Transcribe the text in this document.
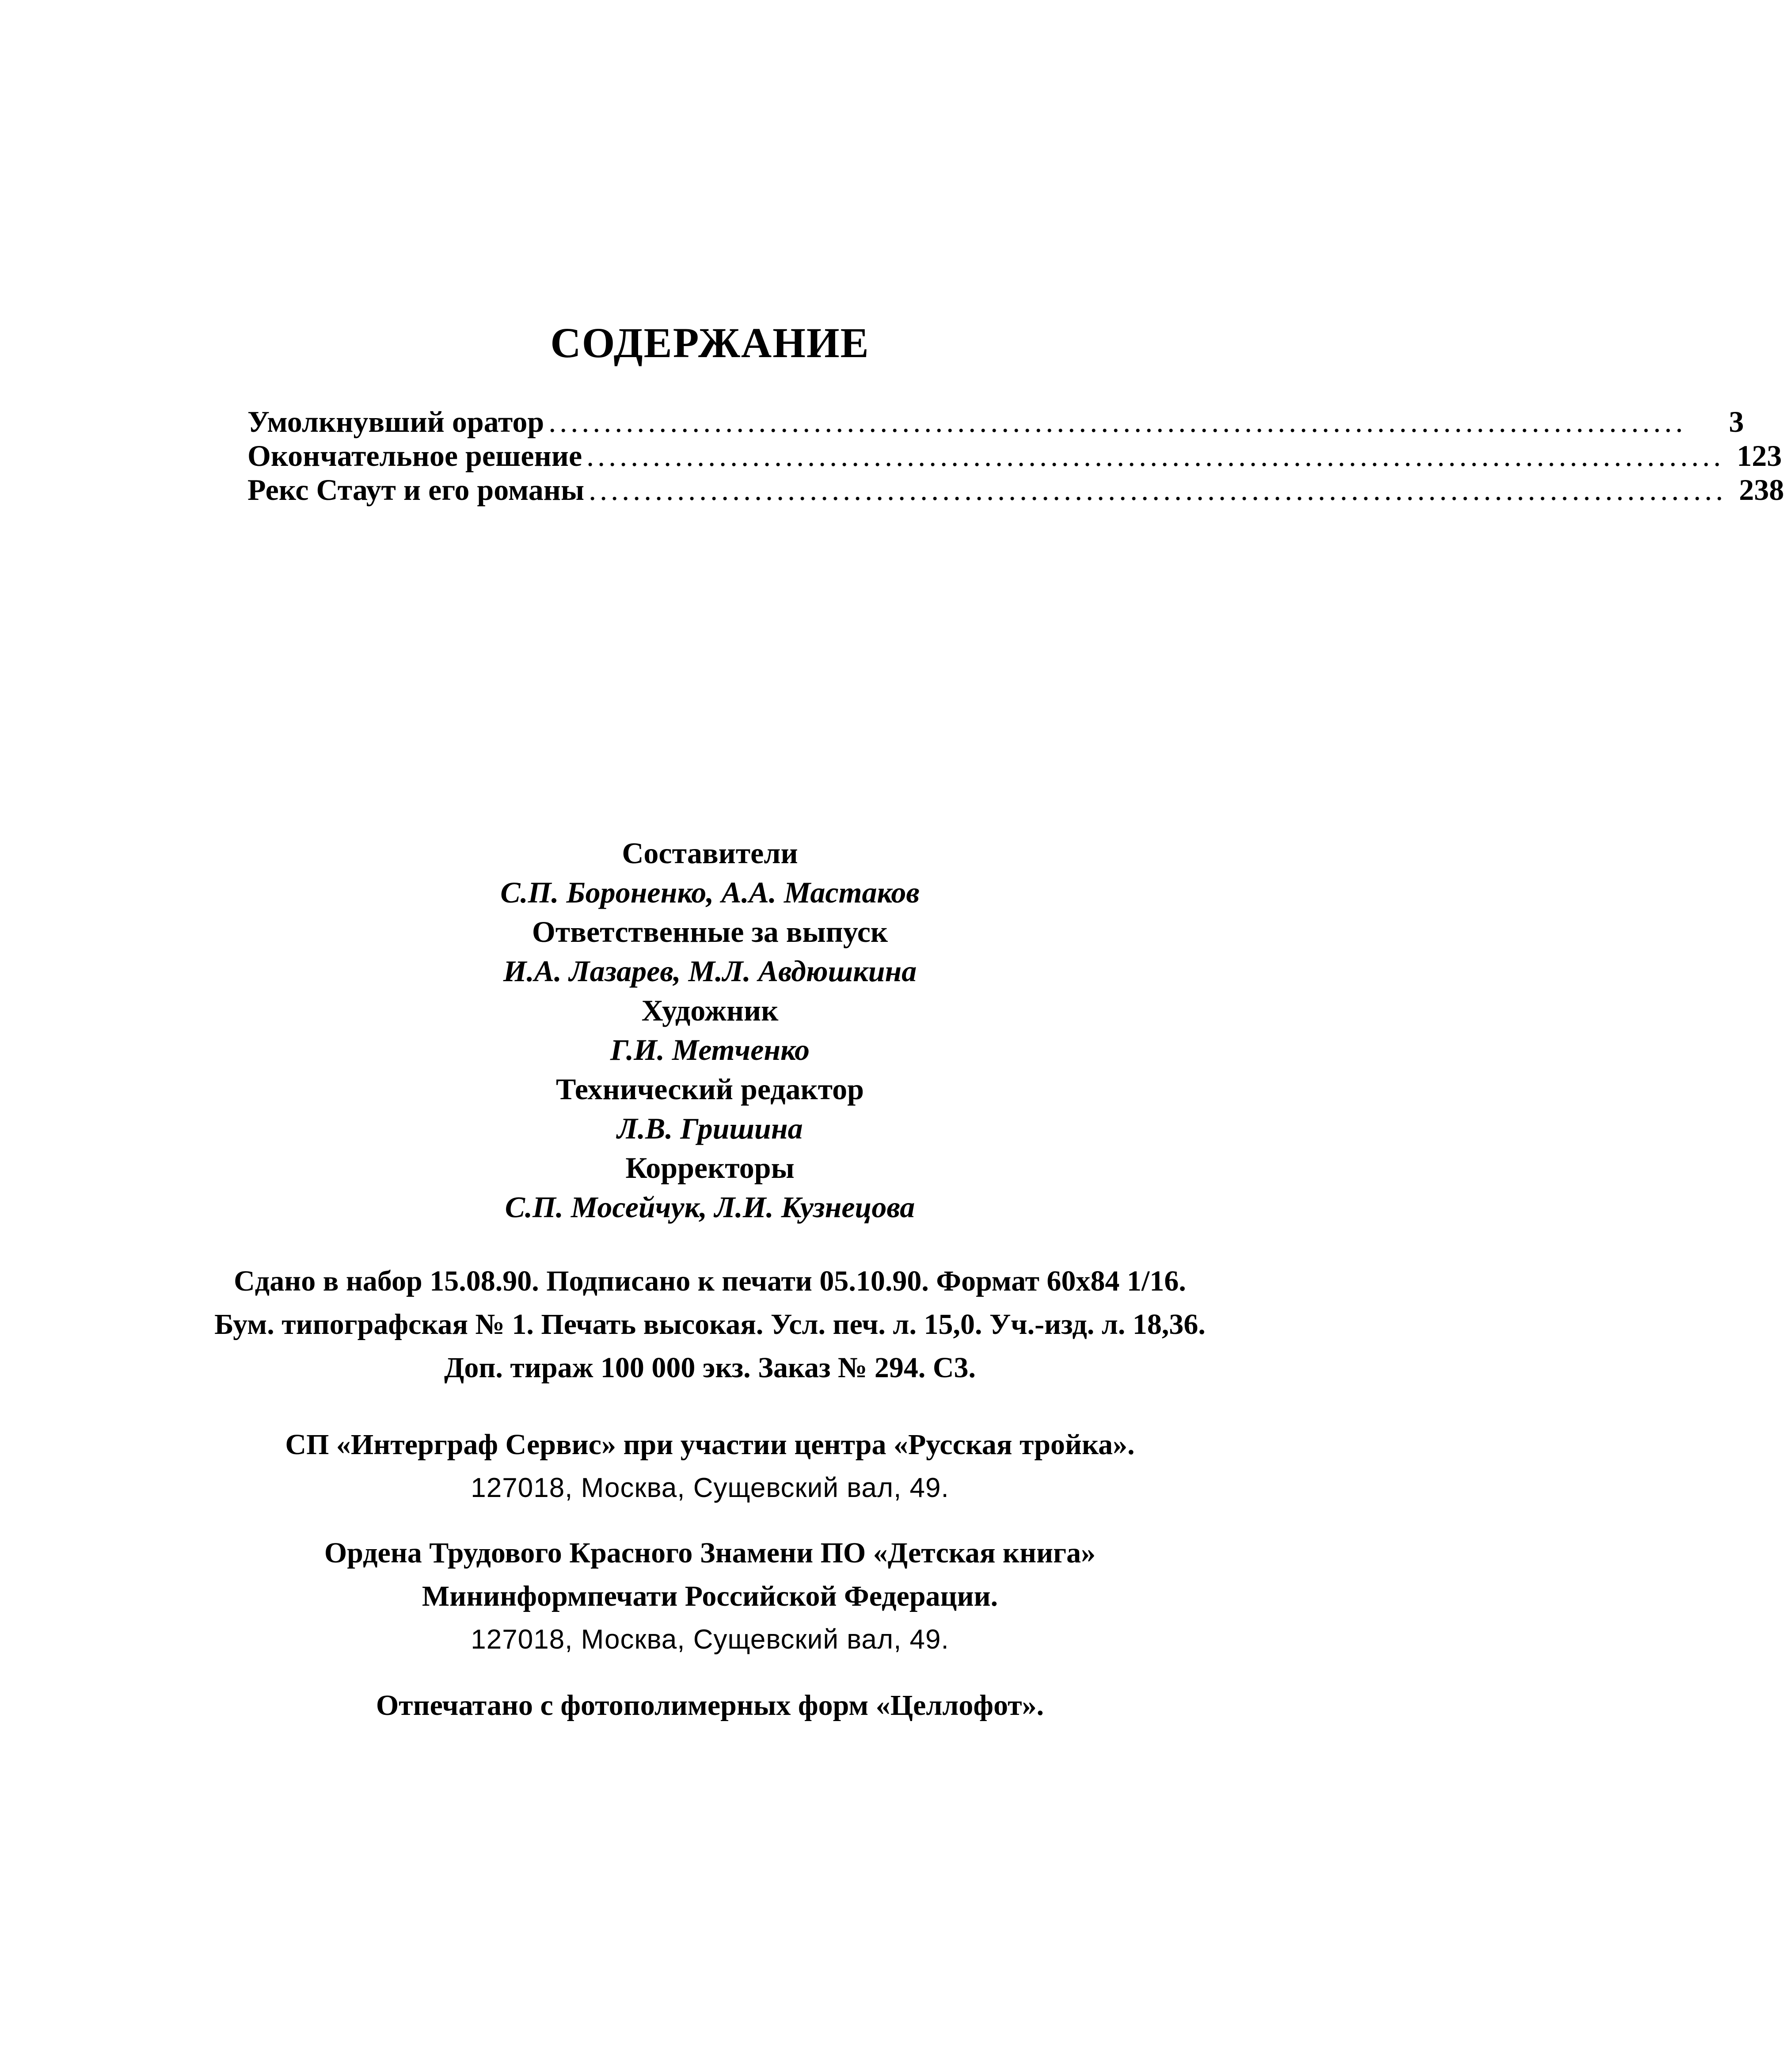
СОДЕРЖАНИЕ
Умолкнувший оратор .......................................................................................................	3
Окончательное решение ....................................................................................................... 123
Рекс Стаут и его романы ....................................................................................................... 238
Составители
С.П. Бороненко, А.А. Мастаков
Ответственные за выпуск
И.А. Лазарев, М.Л. Авдюшкина
Художник
Г.И. Метченко
Технический редактор
Л.В. Гришина
Корректоры
С.П. Мосейчук, Л.И. Кузнецова
Сдано в набор 15.08.90. Подписано к печати 05.10.90. Формат 60х84 1/16.
Бум. типографская № 1. Печать высокая. Усл. печ. л. 15,0. Уч.-изд. л. 18,36.
Доп. тираж 100 000 экз. Заказ № 294. С3.
СП «Интерграф Сервис» при участии центра «Русская тройка».
127018, Москва, Сущевский вал, 49.
Ордена Трудового Красного Знамени ПО «Детская книга»
Мининформпечати Российской Федерации.
127018, Москва, Сущевский вал, 49.
Отпечатано с фотополимерных форм «Целлофот».
